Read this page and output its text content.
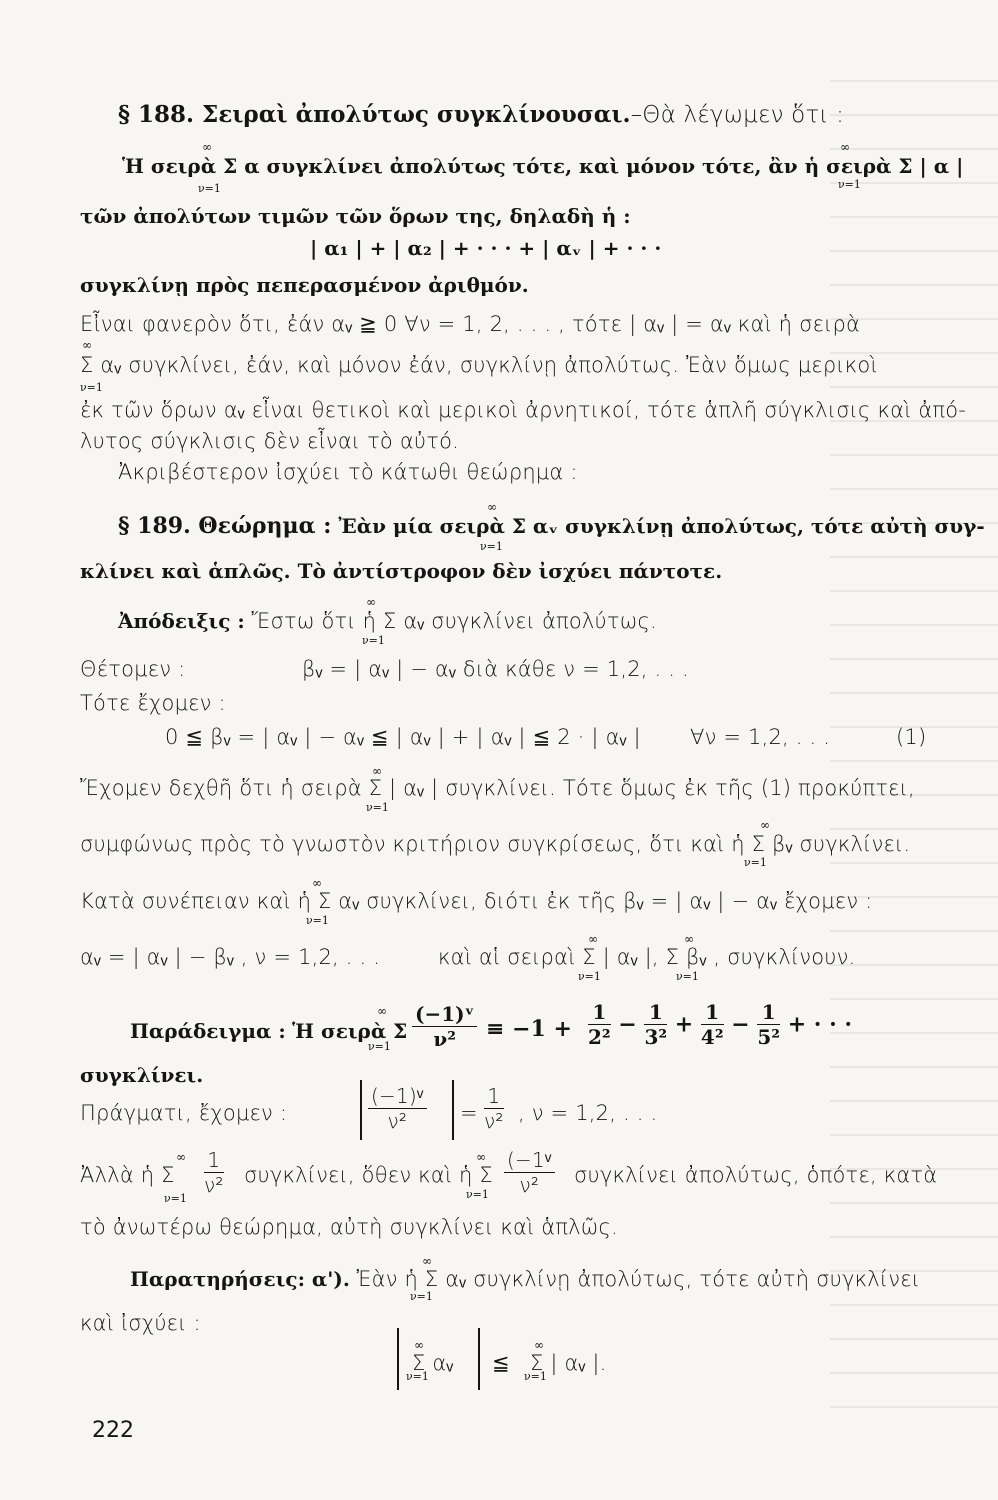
§ 188. Σειραὶ ἀπολύτως συγκλίνουσαι.–Θὰ λέγωμεν ὅτι :
∞
Ἡ σειρὰ Σ α συγκλίνει ἀπολύτως τότε, καὶ μόνον τότε, ἂν ἡ σειρὰ Σ | α |
∞
ν=1	ν=1
τῶν ἀπολύτων τιμῶν τῶν ὅρων της, δηλαδὴ ἡ :
| α₁ | + | α₂ | + · · · + | αᵥ | + · · ·
συγκλίνῃ πρὸς πεπερασμένον ἀριθμόν.
Εἶναι φανερὸν ὅτι, ἐάν αᵥ ≧ 0 ∀ν = 1, 2, . . . , τότε | αᵥ | = αᵥ καὶ ἡ σειρὰ
∞
Σ αᵥ συγκλίνει, ἐάν, καὶ μόνον ἐάν, συγκλίνῃ ἀπολύτως. Ἐὰν ὅμως μερικοὶ
ν=1
ἐκ τῶν ὅρων αᵥ εἶναι θετικοὶ καὶ μερικοὶ ἀρνητικοί, τότε ἁπλῆ σύγκλισις καὶ ἀπό-
λυτος σύγκλισις δὲν εἶναι τὸ αὐτό.
Ἀκριβέστερον ἰσχύει τὸ κάτωθι θεώρημα :
∞
§ 189. Θεώρημα : Ἐὰν μία σειρὰ Σ αᵥ συγκλίνῃ ἀπολύτως, τότε αὐτὴ συγ-
ν=1
κλίνει καὶ ἁπλῶς. Τὸ ἀντίστροφον δὲν ἰσχύει πάντοτε.
∞
Ἀπόδειξις : Ἔστω ὅτι ἡ Σ αᵥ συγκλίνει ἀπολύτως.
ν=1
Θέτομεν :	βᵥ = | αᵥ | − αᵥ διὰ κάθε ν = 1,2, . . .
Τότε ἔχομεν :
0 ≦ βᵥ = | αᵥ | − αᵥ ≦ | αᵥ | + | αᵥ | ≦ 2 · | αᵥ | ∀ν = 1,2, . . .	(1)
∞
Ἔχομεν δεχθῆ ὅτι ἡ σειρὰ Σ | αᵥ | συγκλίνει. Τότε ὅμως ἐκ τῆς (1) προκύπτει,
ν=1
∞
συμφώνως πρὸς τὸ γνωστὸν κριτήριον συγκρίσεως, ὅτι καὶ ἡ Σ βᵥ συγκλίνει.
ν=1
∞
Κατὰ συνέπειαν καὶ ἡ Σ αᵥ συγκλίνει, διότι ἐκ τῆς βᵥ = | αᵥ | − αᵥ ἔχομεν :
ν=1
∞	∞
αᵥ = | αᵥ | − βᵥ , ν = 1,2, . . .	καὶ αἱ σειραὶ Σ | αᵥ |, Σ βᵥ , συγκλίνουν.
ν=1	ν=1
∞
Παράδειγμα : Ἡ σειρὰ Σ
$\nu=1 \frac{\text{(−1)ᵛ}}{\text{ν²}} \equiv -1 + \frac{1}{\text{2²}} - \frac{1}{\text{3²}} + \frac{1}{\text{4²}} - \frac{1}{\text{5²}}$ + · · ·
συγκλίνει.
Πράγματι, ἔχομεν :	$\frac{\text{(−1)ᵛ}}{\text{ν²}} = \frac{1}{\text{ν²}}$ , ν = 1,2, . . .
∞	∞
Ἀλλὰ ἡ Σ $\frac{1}{\text{ν²}} \sigma\upsilon\gamma\kappa\lambda ί\nu\varepsilon\iota$, ὅθεν καὶ ἡ Σ $\frac{\text{(−1ᵛ}}{\text{ν²}}$ συγκλίνει ἀπολύτως, ὁπότε, κατὰ
ν=1	ν=1
τὸ ἀνωτέρω θεώρημα, αὐτὴ συγκλίνει καὶ ἁπλῶς.
∞
Παρατηρήσεις: α'). Ἐὰν ἡ Σ αᵥ συγκλίνῃ ἀπολύτως, τότε αὐτὴ συγκλίνει
ν=1
καὶ ἰσχύει :
∞
Σ αᵥ
ν=1
≦
∞
Σ | αᵥ |.
ν=1
222
